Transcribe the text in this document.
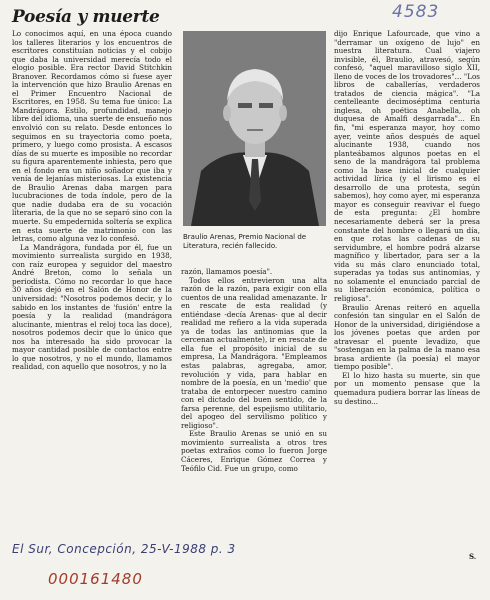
Poesía y muerte	4583

Lo conocimos aquí, en una época cuando los talleres literarios y los encuentros de escritores constituían noticias y el cobijo que daba la universidad merecía todo el elogio posible. Era rector David Stitchkin Branover. Recordamos cómo si fuese ayer la intervención que hizo Braulio Arenas en el Primer Encuentro Nacional de Escritores, en 1958. Su tema fue único: La Mandrágora. Estilo, profundidad, manejo libre del idioma, una suerte de ensueño nos envolvió con su relato. Desde entonces lo seguimos en su trayectoria como poeta, primero, y luego como prosista. A escasos días de su muerte es imposible no recordar su figura aparentemente inhiesta, pero que en el fondo era un niño soñador que iba y venía de lejanías misteriosas. La existencia de Braulio Arenas daba margen para lucubraciones de toda índole, pero de la que nadie dudaba era de su vocación literaria, de la que no se separó sino con la muerte. Su empedernida soltería se explica en esta suerte de matrimonio con las letras, como alguna vez lo confesó.

La Mandrágora, fundada por él, fue un movimiento surrealista surgido en 1938, con raíz europea y seguidor del maestro André Breton, como lo señala un periodista. Cómo no recordar lo que hace 30 años dejó en el Salón de Honor de la universidad: "Nosotros podemos decir, y lo sabido en los instantes de 'fusión' entre la poesía y la realidad (mandrágora alucinante, mientras el reloj toca las doce), nosotros podemos decir que lo único que nos ha interesado ha sido provocar la mayor cantidad posible de contactos entre lo que nosotros, y no el mundo, llamamos realidad, con aquello que nosotros, y no la

Braulio Arenas, Premio Nacional de Literatura, recién fallecido.

razón, llamamos poesía".

Todos ellos entrevieron una alta razón de la razón, para exigir con ella cuentos de una realidad amenazante. Ir en rescate de esta realidad (y entiéndase -decía Arenas- que al decir realidad me refiero a la vida superada ya de todas las antinomias que la cercenan actualmente), ir en rescate de ella fue el propósito inicial de su empresa, La Mandrágora. "Empleamos estas palabras, agregaba, amor, revolución y vida, para hablar en nombre de la poesía, en un 'medio' que trataba de entorpecer nuestro camino con el dictado del buen sentido, de la farsa perenne, del espejismo utilitario, del apogeo del servilismo político y religioso".

Este Braulio Arenas se unió en su movimiento surrealista a otros tres poetas extraños como lo fueron Jorge Cáceres, Enrique Gómez Correa y Teófilo Cid. Fue un grupo, como

dijo Enrique Lafourcade, que vino a "derramar un oxígeno de lujo" en nuestra literatura. Cual viajero invisible, él, Braulio, atravesó, según confesó, "aquel maravilloso siglo XII, lleno de voces de los trovadores"... "Los libros de caballerías, verdaderos tratados de ciencia mágica". "La centelleante decimoséptima centuria inglesa, oh poética Anabella, oh duquesa de Amalfi desgarrada"... En fin, "mi esperanza mayor, hoy como ayer, veinte años después de aquel alucinante 1938, cuando nos planteábamos algunos poetas en el seno de la mandrágora tal problema como la base inicial de cualquier actividad lírica (y el lirismo es el desarrollo de una protesta, según sabemos), hoy como ayer, mi esperanza mayor es conseguir reavivar el fuego de esta pregunta: ¿El hombre necesariamente deberá ser la presa constante del hombre o llegará un día, en que rotas las cadenas de su servidumbre, el hombre podrá alzarse magnífico y libertador, para ser a la vida su más claro enunciado total, superadas ya todas sus antinomias, y no solamente el enunciado parcial de su liberación económica, política o religiosa".

Braulio Arenas reiteró en aquella confesión tan singular en el Salón de Honor de la universidad, dirigiéndose a los jóvenes poetas que arden por atravesar el puente levadizo, que "sostengan en la palma de la mano esa brasa ardiente (la poesía) el mayor tiempo posible".

El lo hizo hasta su muerte, sin que por un momento pensase que la quemadura pudiera borrar las líneas de su destino...

S.
El Sur, Concepción, 25-V-1988 p. 3
000161480
